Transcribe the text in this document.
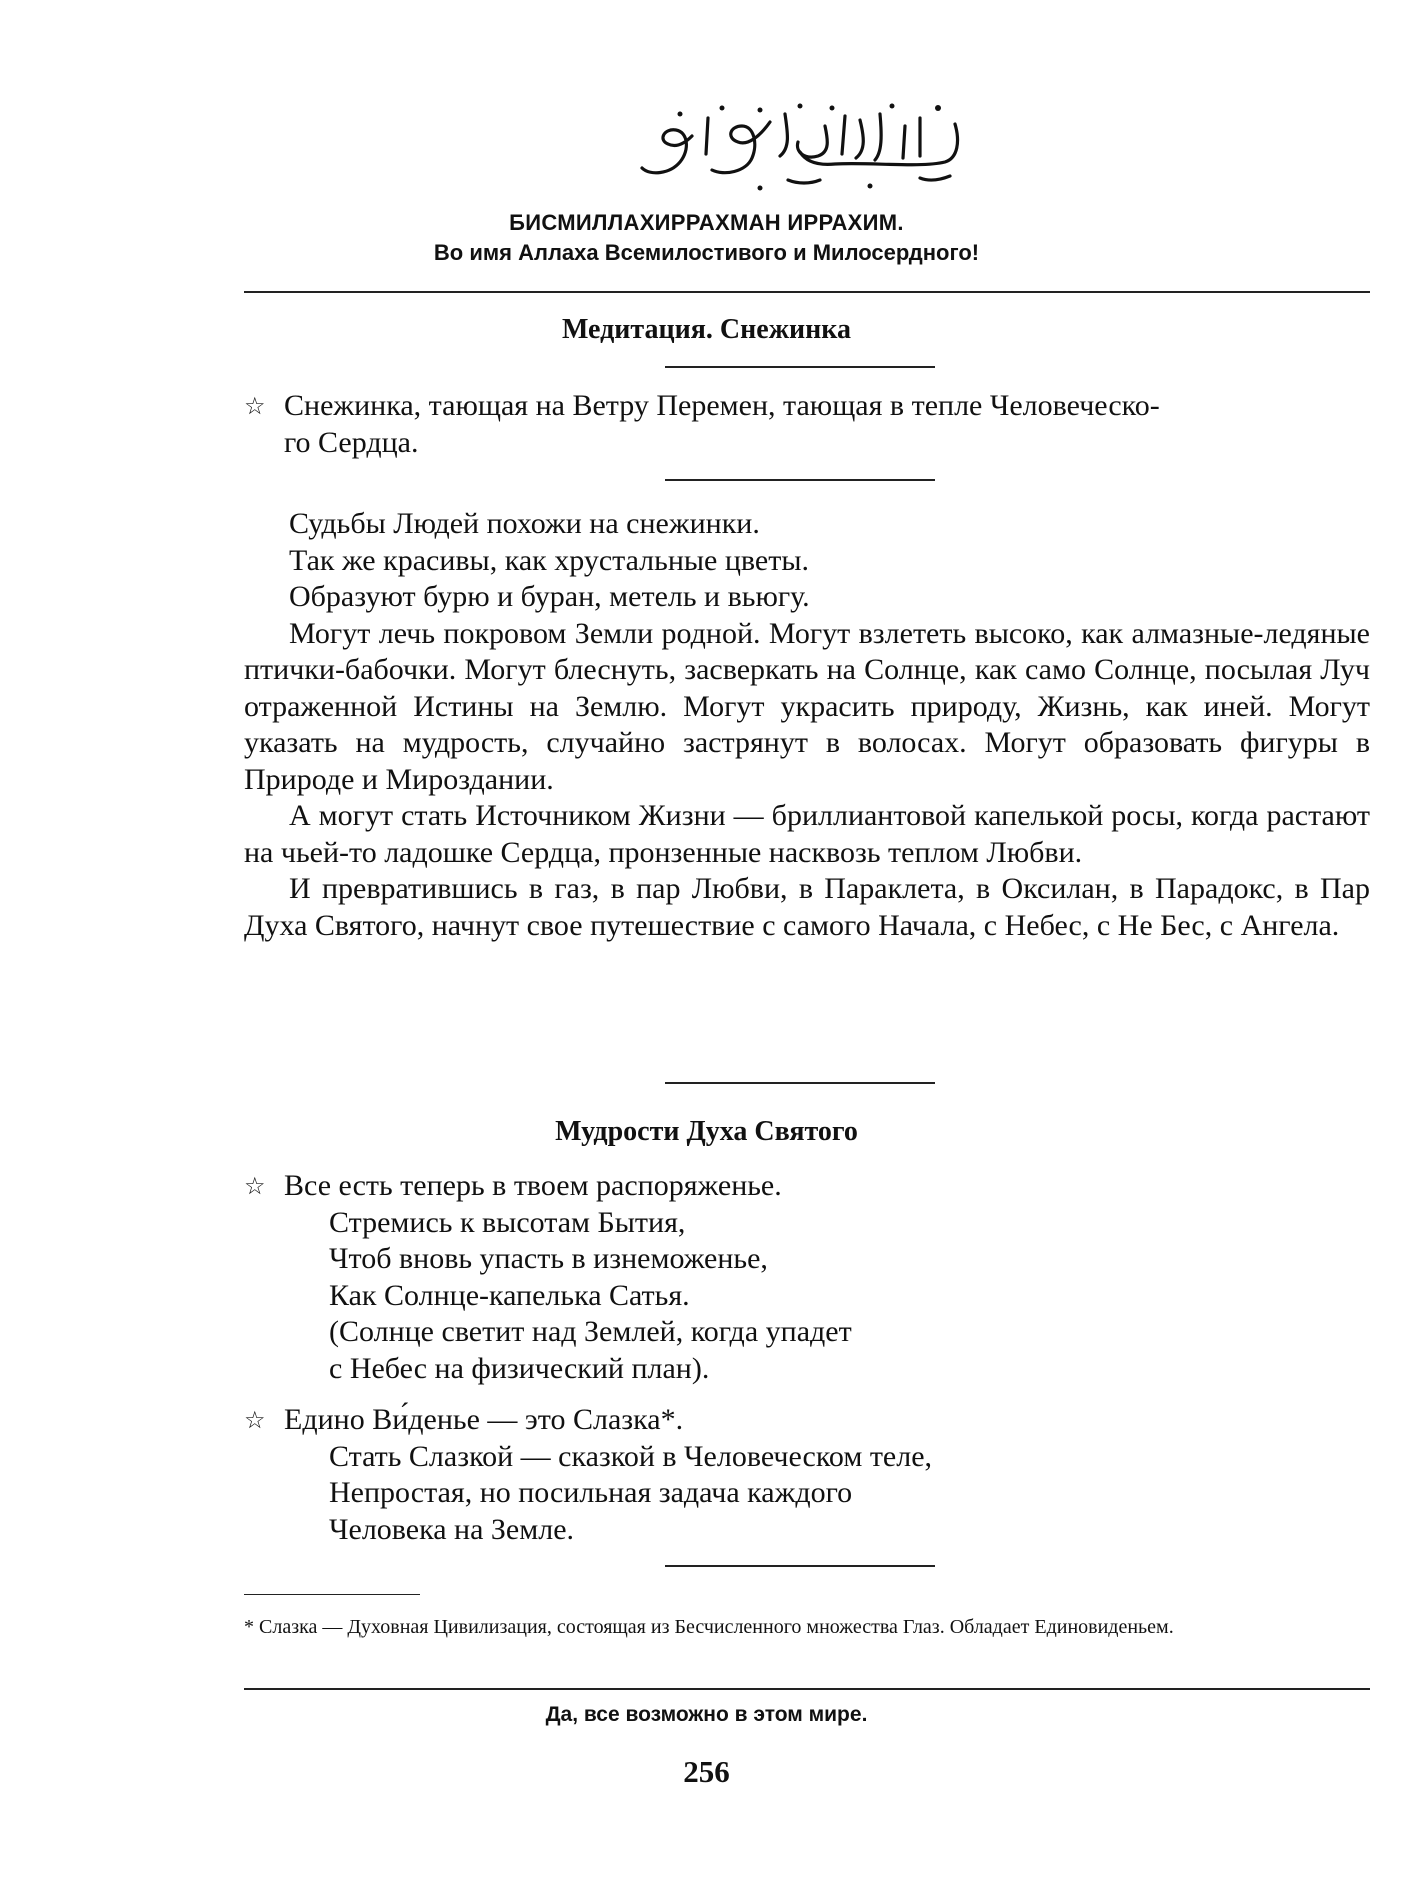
БИСМИЛЛАХИРРАХМАН ИРРАХИМ.

Во имя Аллаха Всемилостивого и Милосердного!

Медитация. Снежинка
☆ Снежинка, тающая на Ветру Перемен, тающая в тепле Человеческо-

го Сердца.

Судьбы Людей похожи на снежинки.

Так же красивы, как хрустальные цветы.

Образуют бурю и буран, метель и вьюгу.

Могут лечь покровом Земли родной. Могут взлететь высоко, как алмазные-ледяные птички-бабочки. Могут блеснуть, засверкать на Солнце, как само Солнце, посылая Луч отраженной Истины на Землю. Могут украсить природу, Жизнь, как иней. Могут указать на мудрость, случайно застрянут в волосах. Могут образовать фигуры в Природе и Мироздании.

А могут стать Источником Жизни — бриллиантовой капелькой росы, когда растают на чьей-то ладошке Сердца, пронзенные насквозь теплом Любви.

И превратившись в газ, в пар Любви, в Параклета, в Оксилан, в Парадокс, в Пар Духа Святого, начнут свое путешествие с самого Начала, с Небес, с Не Бес, с Ангела.

Мудрости Духа Святого
☆ Все есть теперь в твоем распоряженье.

Стремись к высотам Бытия,

Чтоб вновь упасть в изнеможенье,

Как Солнце-капелька Сатья.

(Солнце светит над Землей, когда упадет

с Небес на физический план).

☆ Едино Ви́денье — это Слазка*.

Стать Слазкой — сказкой в Человеческом теле,

Непростая, но посильная задача каждого

Человека на Земле.

* Слазка — Духовная Цивилизация, состоящая из Бесчисленного множества Глаз. Обладает Единовиденьем.

Да, все возможно в этом мире.

256
